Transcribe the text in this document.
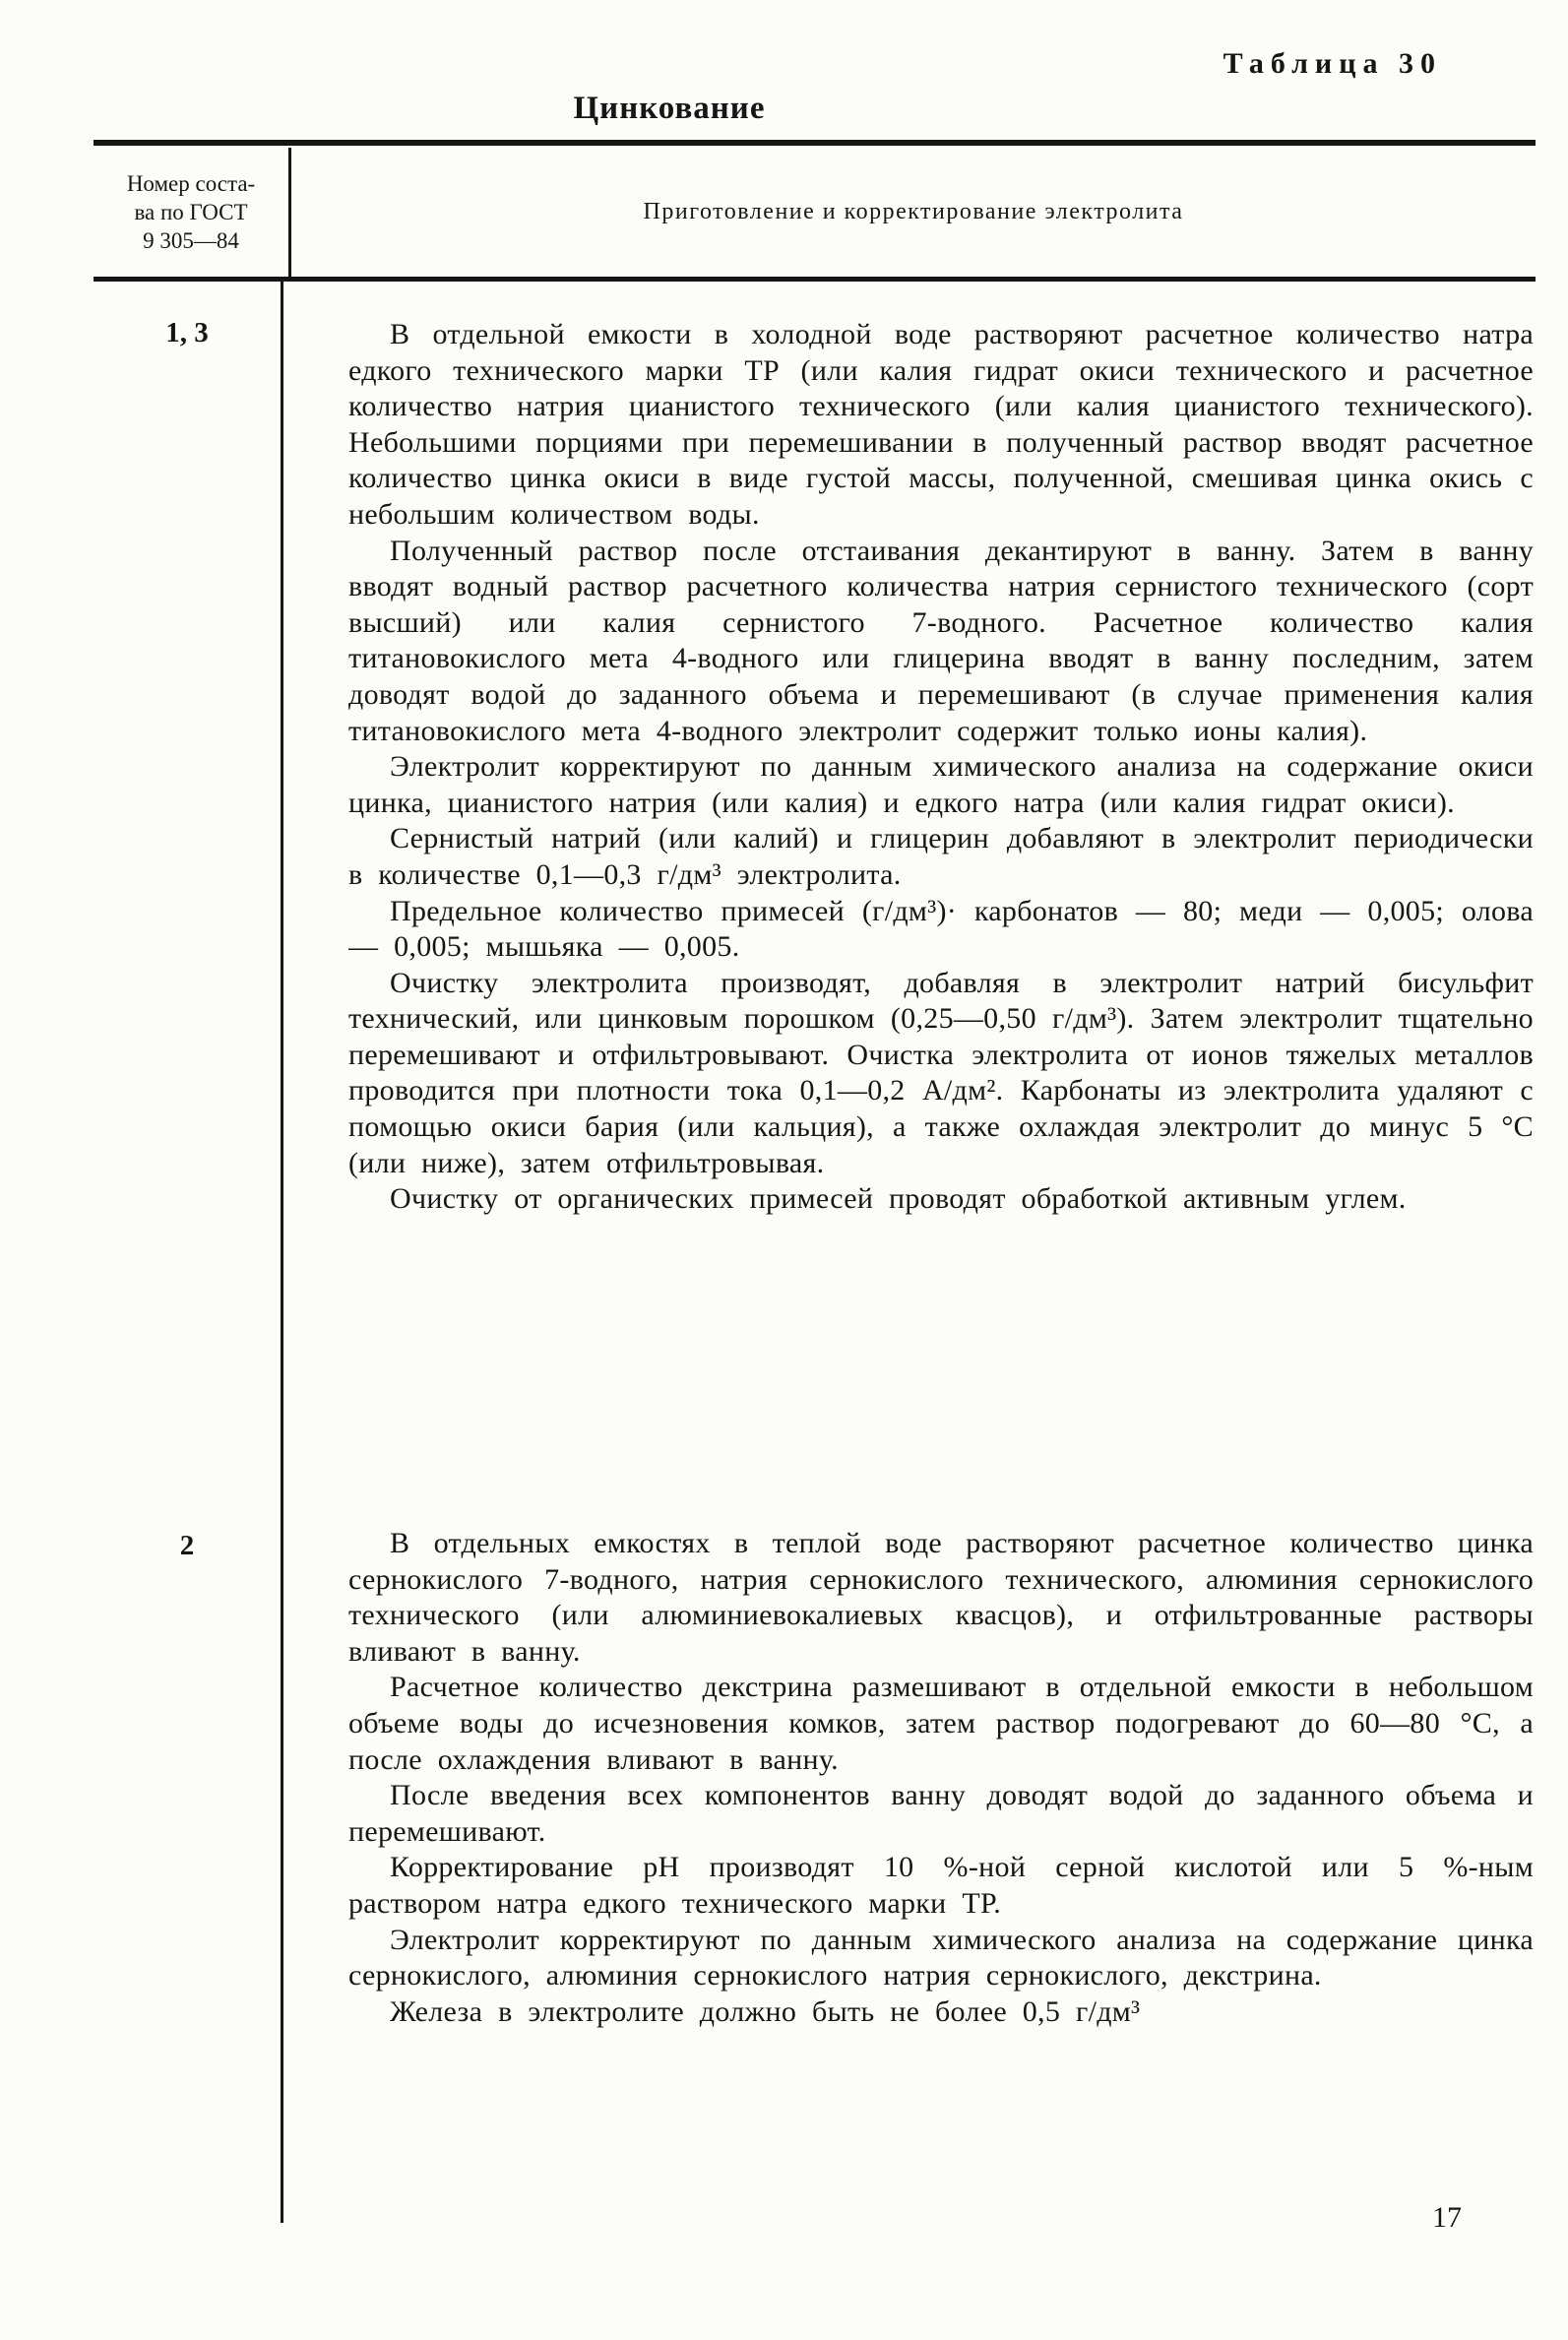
Таблица 30
Цинкование
Номер соста-
ва по ГОСТ
9 305—84
Приготовление и корректирование электролита
1, 3
2

В отдельной емкости в холодной воде растворяют расчетное количество натра едкого технического марки ТР (или калия гидрат окиси технического и расчетное количество натрия цианистого технического (или калия цианистого технического). Небольшими порциями при перемешивании в полученный раствор вводят расчетное количество цинка окиси в виде густой массы, полученной, смешивая цинка окись с небольшим количеством воды.

Полученный раствор после отстаивания декантируют в ванну. Затем в ванну вводят водный раствор расчетного количества натрия сернистого технического (сорт высший) или калия сернистого 7-водного. Расчетное количество калия титановокислого мета 4-водного или глицерина вводят в ванну последним, затем доводят водой до заданного объема и перемешивают (в случае применения калия титановокислого мета 4-водного электролит содержит только ионы калия).

Электролит корректируют по данным химического анализа на содержание окиси цинка, цианистого натрия (или калия) и едкого натра (или калия гидрат окиси).

Сернистый натрий (или калий) и глицерин добавляют в электролит периодически в количестве 0,1—0,3 г/дм³ электролита.

Предельное количество примесей (г/дм³)· карбонатов — 80; меди — 0,005; олова — 0,005; мышьяка — 0,005.

Очистку электролита производят, добавляя в электролит натрий бисульфит технический, или цинковым порошком (0,25—0,50 г/дм³). Затем электролит тщательно перемешивают и отфильтровывают. Очистка электролита от ионов тяжелых металлов проводится при плотности тока 0,1—0,2 А/дм². Карбонаты из электролита удаляют с помощью окиси бария (или кальция), а также охлаждая электролит до минус 5 °С (или ниже), затем отфильтровывая.

Очистку от органических примесей проводят обработкой активным углем.

В отдельных емкостях в теплой воде растворяют расчетное количество цинка сернокислого 7-водного, натрия сернокислого технического, алюминия сернокислого технического (или алюминиевокалиевых квасцов), и отфильтрованные растворы вливают в ванну.

Расчетное количество декстрина размешивают в отдельной емкости в небольшом объеме воды до исчезновения комков, затем раствор подогревают до 60—80 °С, а после охлаждения вливают в ванну.

После введения всех компонентов ванну доводят водой до заданного объема и перемешивают.

Корректирование рН производят 10 %-ной серной кислотой или 5 %-ным раствором натра едкого технического марки ТР.

Электролит корректируют по данным химического анализа на содержание цинка сернокислого, алюминия сернокислого натрия сернокислого, декстрина.

Железа в электролите должно быть не более 0,5 г/дм³

17
